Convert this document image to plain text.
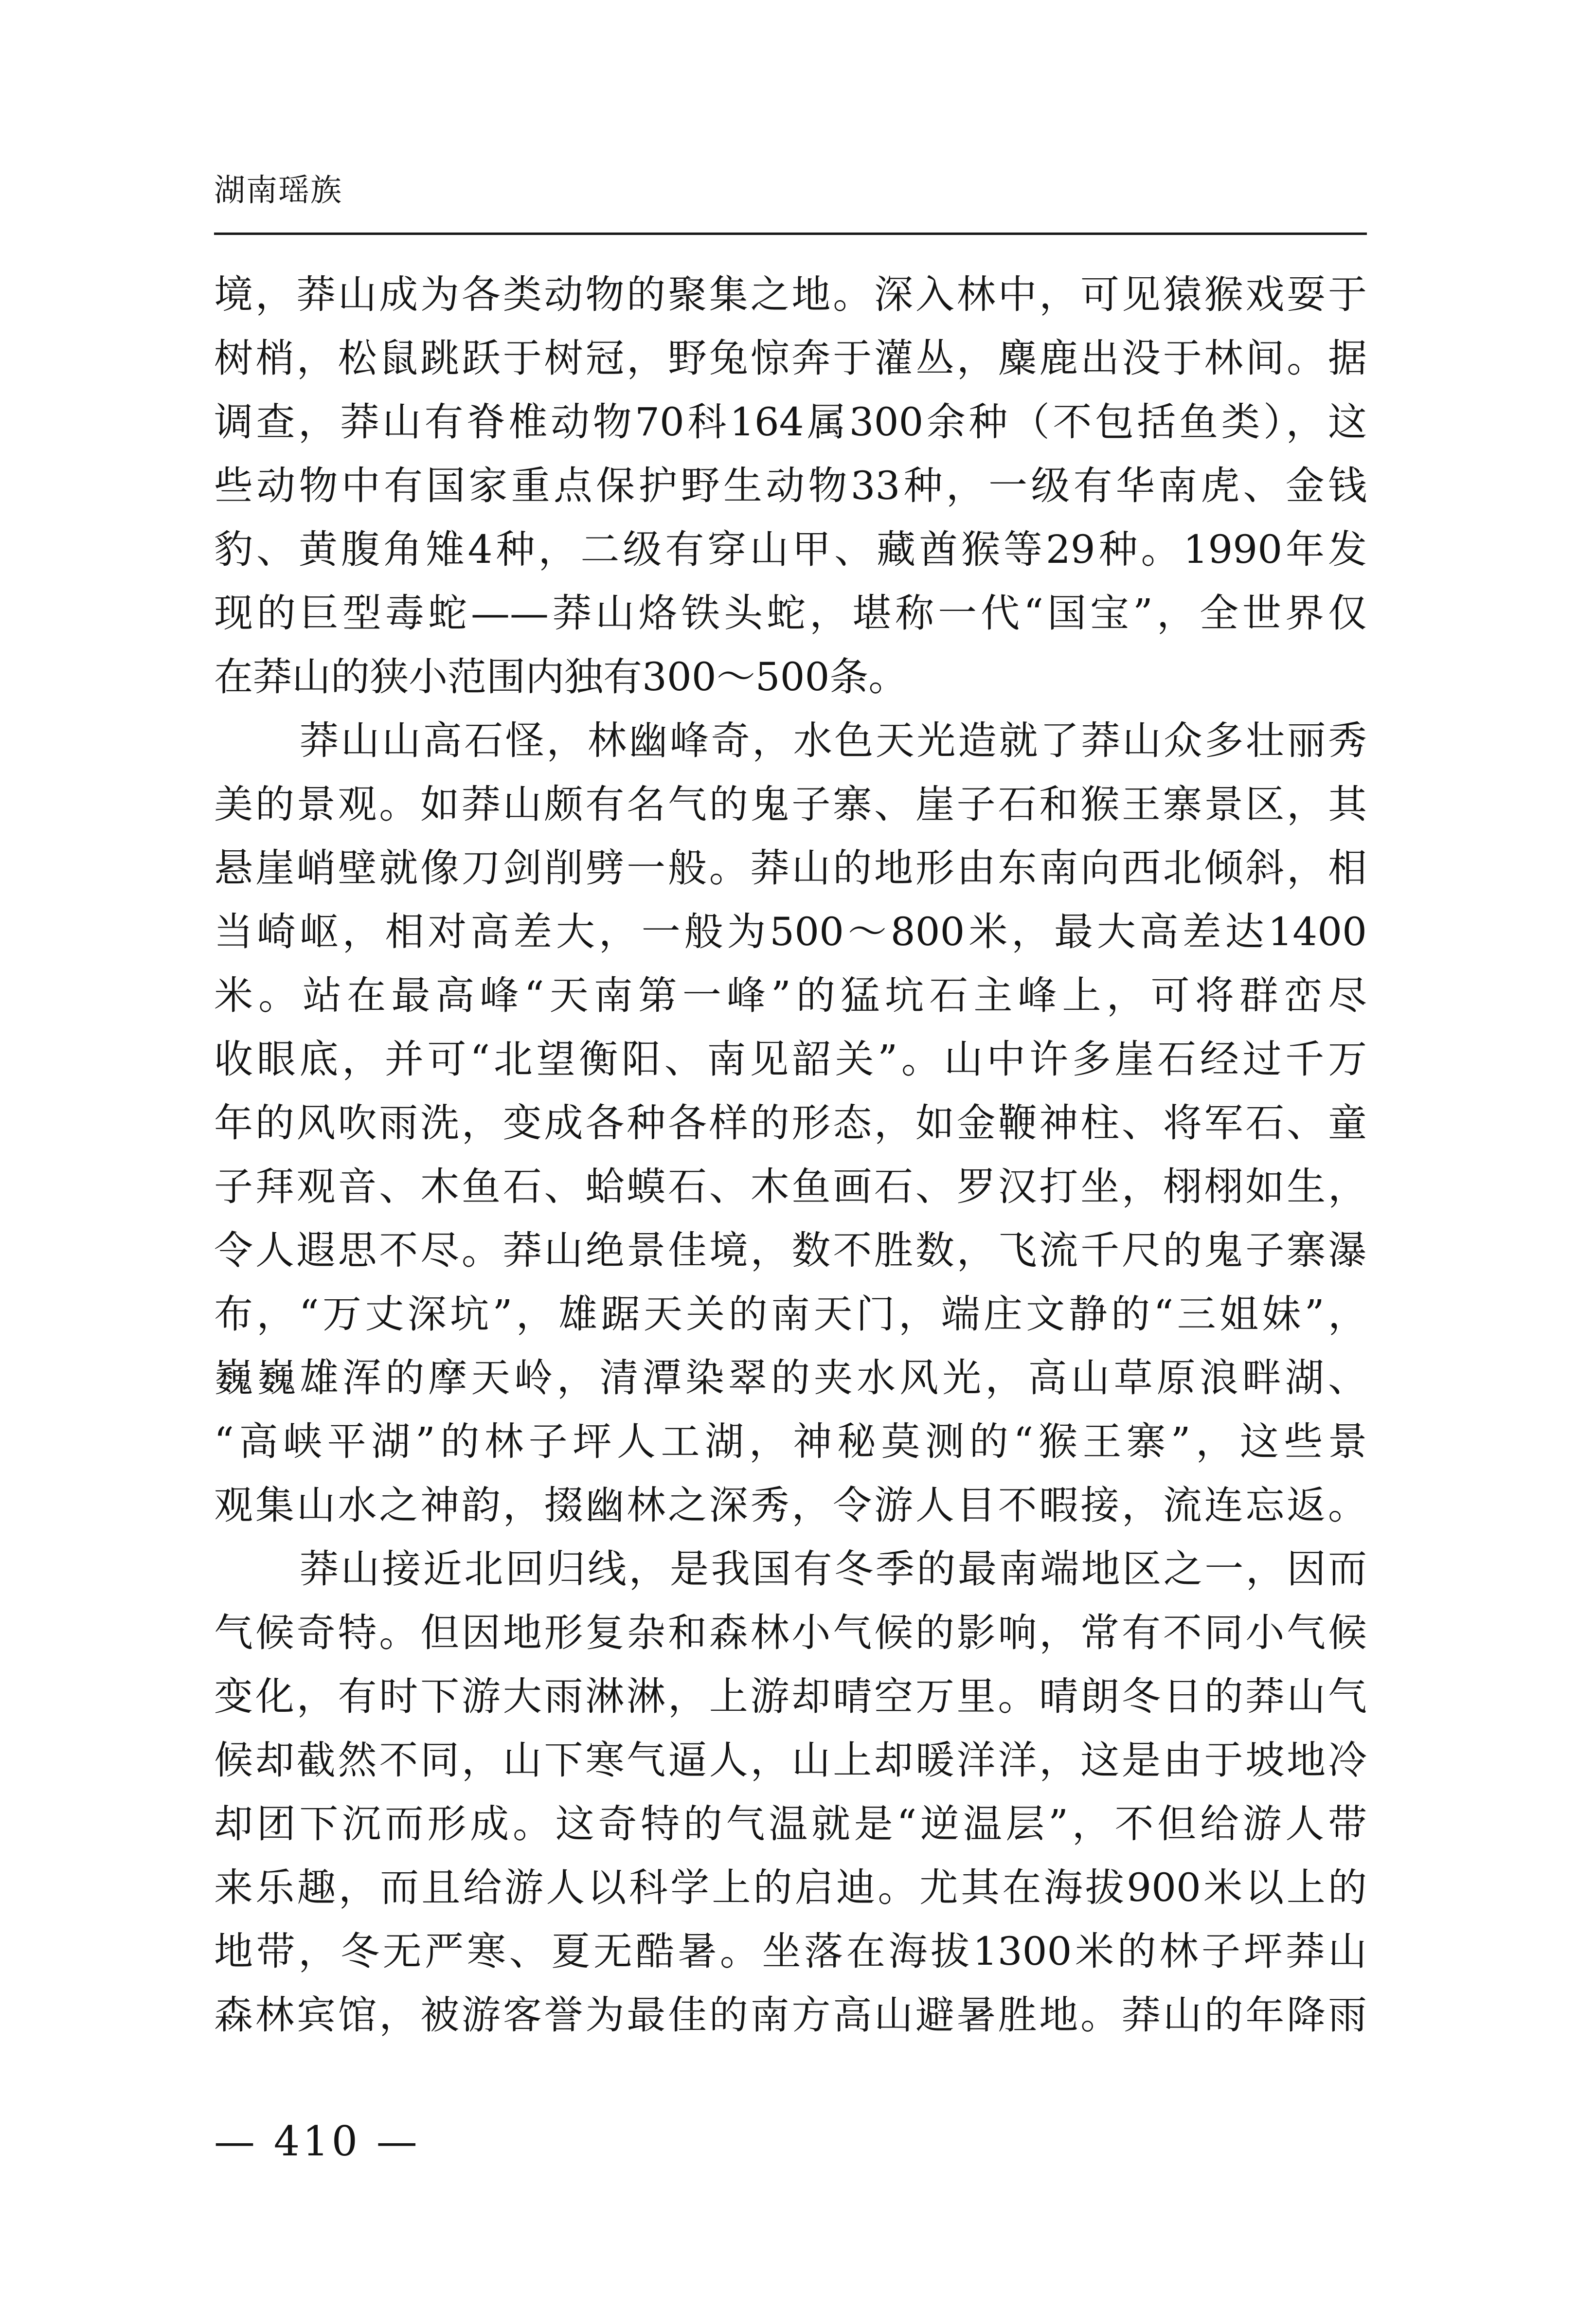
湖南瑶族
境，莽山成为各类动物的聚集之地。深入林中，可见猿猴戏耍于
树梢，松鼠跳跃于树冠，野兔惊奔于灌丛，麋鹿出没于林间。据
调查，莽山有脊椎动物70科164属300余种（不包括鱼类），这
些动物中有国家重点保护野生动物33种，一级有华南虎、金钱
豹、黄腹角雉4种，二级有穿山甲、藏酋猴等29种。1990年发
现的巨型毒蛇——莽山烙铁头蛇，堪称一代“国宝”，全世界仅
在莽山的狭小范围内独有300～500条。
莽山山高石怪，林幽峰奇，水色天光造就了莽山众多壮丽秀
美的景观。如莽山颇有名气的鬼子寨、崖子石和猴王寨景区，其
悬崖峭壁就像刀剑削劈一般。莽山的地形由东南向西北倾斜，相
当崎岖，相对高差大，一般为500～800米，最大高差达1400
米。站在最高峰“天南第一峰”的猛坑石主峰上，可将群峦尽
收眼底，并可“北望衡阳、南见韶关”。山中许多崖石经过千万
年的风吹雨洗，变成各种各样的形态，如金鞭神柱、将军石、童
子拜观音、木鱼石、蛤蟆石、木鱼画石、罗汉打坐，栩栩如生，
令人遐思不尽。莽山绝景佳境，数不胜数，飞流千尺的鬼子寨瀑
布，“万丈深坑”，雄踞天关的南天门，端庄文静的“三姐妹”，
巍巍雄浑的摩天岭，清潭染翠的夹水风光，高山草原浪畔湖、
“高峡平湖”的林子坪人工湖，神秘莫测的“猴王寨”，这些景
观集山水之神韵，掇幽林之深秀，令游人目不暇接，流连忘返。
莽山接近北回归线，是我国有冬季的最南端地区之一，因而
气候奇特。但因地形复杂和森林小气候的影响，常有不同小气候
变化，有时下游大雨淋淋，上游却晴空万里。晴朗冬日的莽山气
候却截然不同，山下寒气逼人，山上却暖洋洋，这是由于坡地冷
却团下沉而形成。这奇特的气温就是“逆温层”，不但给游人带
来乐趣，而且给游人以科学上的启迪。尤其在海拔900米以上的
地带，冬无严寒、夏无酷暑。坐落在海拔1300米的林子坪莽山
森林宾馆，被游客誉为最佳的南方高山避暑胜地。莽山的年降雨
— 410 —
